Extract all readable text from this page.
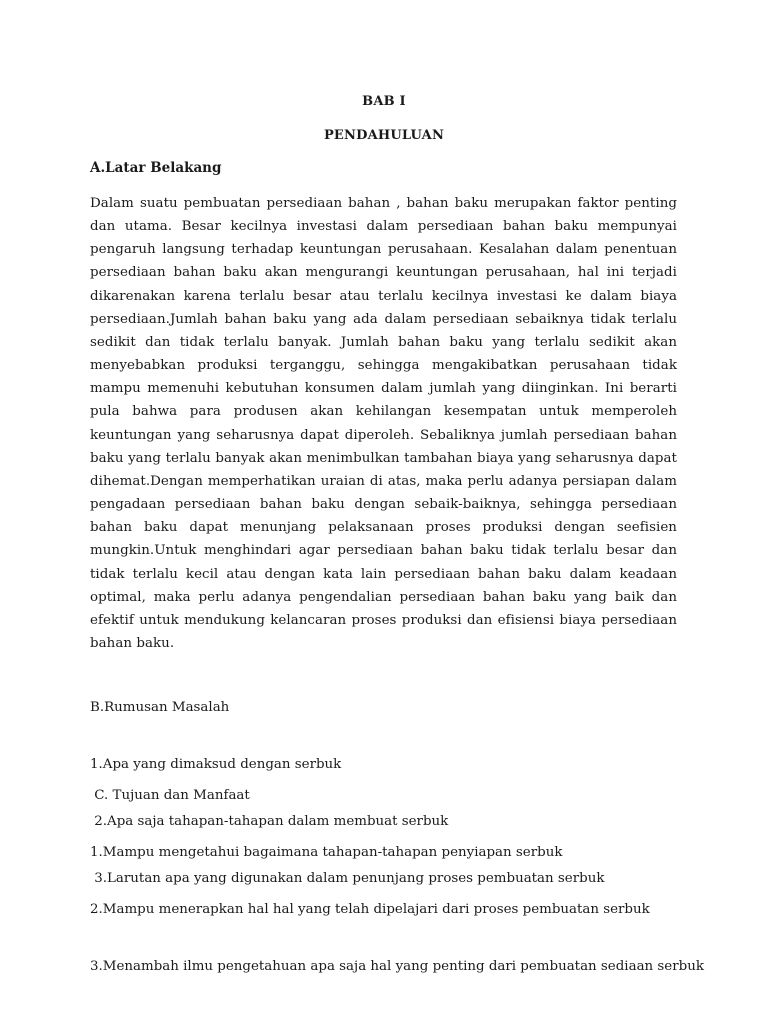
BAB I
PENDAHULUAN
A.Latar Belakang
Dalam suatu pembuatan persediaan bahan , bahan baku merupakan faktor penting dan utama. Besar kecilnya investasi dalam persediaan bahan baku mempunyai pengaruh langsung terhadap keuntungan perusahaan. Kesalahan dalam penentuan persediaan bahan baku akan mengurangi keuntungan perusahaan, hal ini terjadi dikarenakan karena terlalu besar atau terlalu kecilnya investasi ke dalam biaya persediaan.Jumlah bahan baku yang ada dalam persediaan sebaiknya tidak terlalu sedikit dan tidak terlalu banyak. Jumlah bahan baku yang terlalu sedikit akan menyebabkan produksi terganggu, sehingga mengakibatkan perusahaan tidak mampu memenuhi kebutuhan konsumen dalam jumlah yang diinginkan. Ini berarti pula bahwa para produsen akan kehilangan kesempatan untuk memperoleh keuntungan yang seharusnya dapat diperoleh. Sebaliknya jumlah persediaan bahan baku yang terlalu banyak akan menimbulkan tambahan biaya yang seharusnya dapat dihemat.Dengan memperhatikan uraian di atas, maka perlu adanya persiapan dalam pengadaan persediaan bahan baku dengan sebaik-baiknya, sehingga persediaan bahan baku dapat menunjang pelaksanaan proses produksi dengan seefisien mungkin.Untuk menghindari agar persediaan bahan baku tidak terlalu besar dan tidak terlalu kecil atau dengan kata lain persediaan bahan baku dalam keadaan optimal, maka perlu adanya pengendalian persediaan bahan baku yang baik dan efektif untuk mendukung kelancaran proses produksi dan efisiensi biaya persediaan bahan baku.

B.Rumusan Masalah

1.Apa yang dimaksud dengan serbuk

2.Apa saja tahapan-tahapan dalam membuat serbuk

3.Larutan apa yang digunakan dalam penunjang proses pembuatan serbuk

C. Tujuan dan Manfaat

1.Mampu mengetahui bagaimana tahapan-tahapan penyiapan serbuk

2.Mampu menerapkan hal hal yang telah dipelajari dari proses pembuatan serbuk

3.Menambah ilmu pengetahuan apa saja hal yang penting dari pembuatan sediaan serbuk
